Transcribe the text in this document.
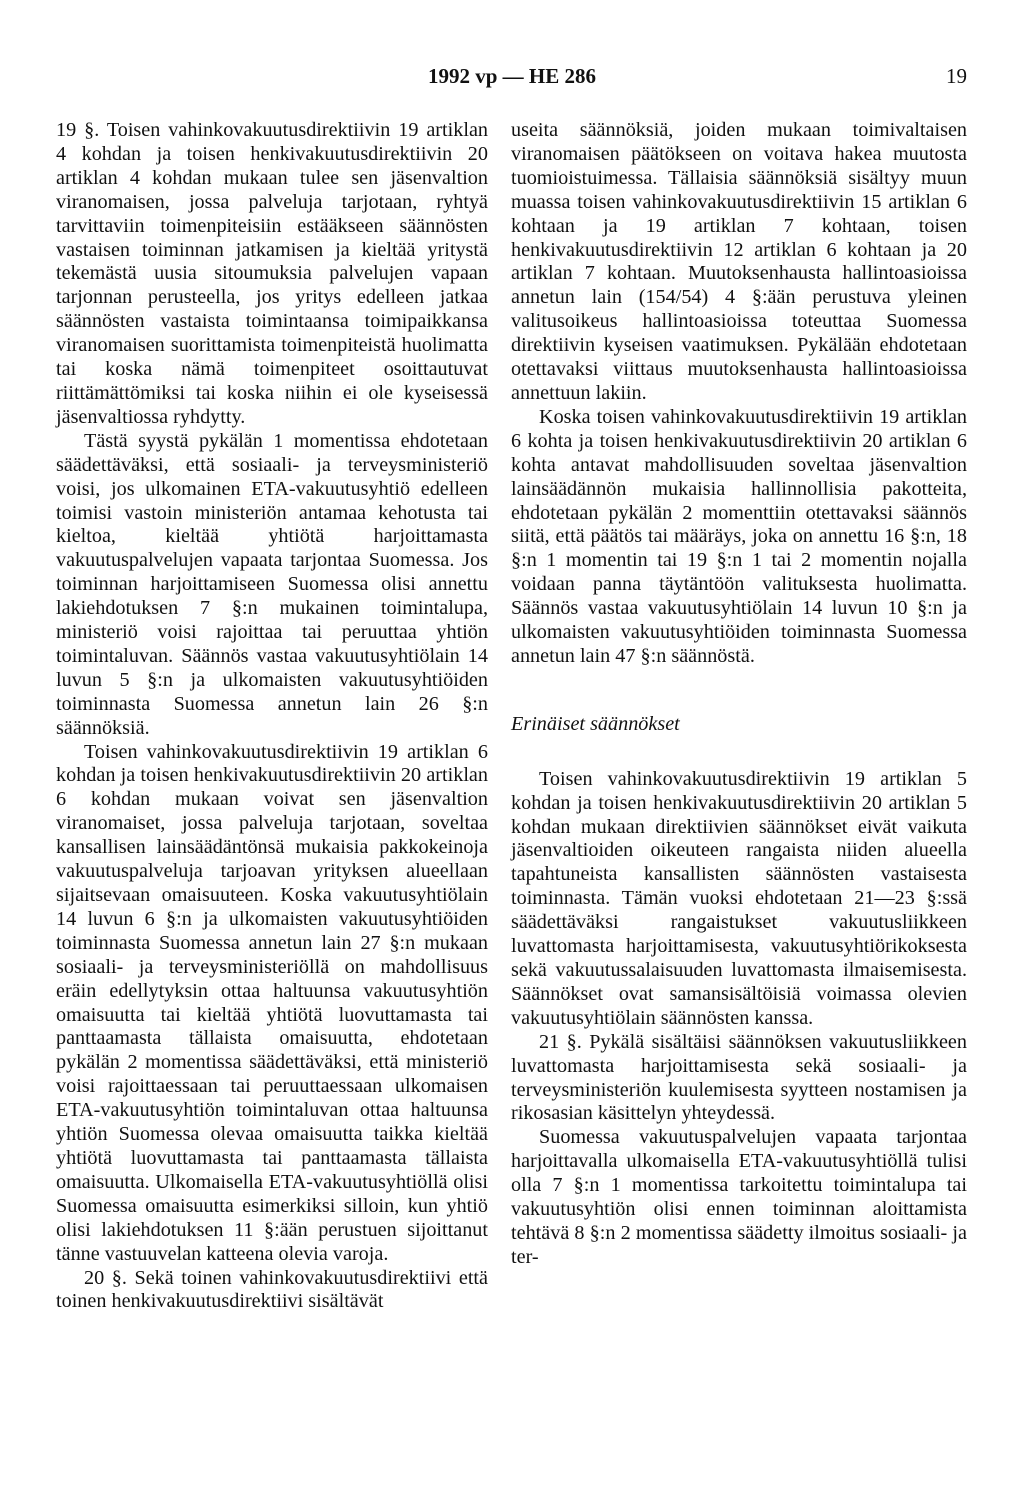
1992 vp — HE 286	19

19 §. Toisen vahinkovakuutusdirektiivin 19 artiklan 4 kohdan ja toisen henkivakuutusdirektiivin 20 artiklan 4 kohdan mukaan tulee sen jäsenvaltion viranomaisen, jossa palveluja tarjotaan, ryhtyä tarvittaviin toimenpiteisiin estääkseen säännösten vastaisen toiminnan jatkamisen ja kieltää yritystä tekemästä uusia sitoumuksia palvelujen vapaan tarjonnan perusteella, jos yritys edelleen jatkaa säännösten vastaista toimintaansa toimipaikkansa viranomaisen suorittamista toimenpiteistä huolimatta tai koska nämä toimenpiteet osoittautuvat riittämättömiksi tai koska niihin ei ole kyseisessä jäsenvaltiossa ryhdytty.

Tästä syystä pykälän 1 momentissa ehdotetaan säädettäväksi, että sosiaali- ja terveysministeriö voisi, jos ulkomainen ETA-vakuutusyhtiö edelleen toimisi vastoin ministeriön antamaa kehotusta tai kieltoa, kieltää yhtiötä harjoittamasta vakuutuspalvelujen vapaata tarjontaa Suomessa. Jos toiminnan harjoittamiseen Suomessa olisi annettu lakiehdotuksen 7 §:n mukainen toimintalupa, ministeriö voisi rajoittaa tai peruuttaa yhtiön toimintaluvan. Säännös vastaa vakuutusyhtiölain 14 luvun 5 §:n ja ulkomaisten vakuutusyhtiöiden toiminnasta Suomessa annetun lain 26 §:n säännöksiä.

Toisen vahinkovakuutusdirektiivin 19 artiklan 6 kohdan ja toisen henkivakuutusdirektiivin 20 artiklan 6 kohdan mukaan voivat sen jäsenvaltion viranomaiset, jossa palveluja tarjotaan, soveltaa kansallisen lainsäädäntönsä mukaisia pakkokeinoja vakuutuspalveluja tarjoavan yrityksen alueellaan sijaitsevaan omaisuuteen. Koska vakuutusyhtiölain 14 luvun 6 §:n ja ulkomaisten vakuutusyhtiöiden toiminnasta Suomessa annetun lain 27 §:n mukaan sosiaali- ja terveysministeriöllä on mahdollisuus eräin edellytyksin ottaa haltuunsa vakuutusyhtiön omaisuutta tai kieltää yhtiötä luovuttamasta tai panttaamasta tällaista omaisuutta, ehdotetaan pykälän 2 momentissa säädettäväksi, että ministeriö voisi rajoittaessaan tai peruuttaessaan ulkomaisen ETA-vakuutusyhtiön toimintaluvan ottaa haltuunsa yhtiön Suomessa olevaa omaisuutta taikka kieltää yhtiötä luovuttamasta tai panttaamasta tällaista omaisuutta. Ulkomaisella ETA-vakuutusyhtiöllä olisi Suomessa omaisuutta esimerkiksi silloin, kun yhtiö olisi lakiehdotuksen 11 §:ään perustuen sijoittanut tänne vastuuvelan katteena olevia varoja.

20 §. Sekä toinen vahinkovakuutusdirektiivi että toinen henkivakuutusdirektiivi sisältävät

useita säännöksiä, joiden mukaan toimivaltaisen viranomaisen päätökseen on voitava hakea muutosta tuomioistuimessa. Tällaisia säännöksiä sisältyy muun muassa toisen vahinkovakuutusdirektiivin 15 artiklan 6 kohtaan ja 19 artiklan 7 kohtaan, toisen henkivakuutusdirektiivin 12 artiklan 6 kohtaan ja 20 artiklan 7 kohtaan. Muutoksenhausta hallintoasioissa annetun lain (154/54) 4 §:ään perustuva yleinen valitusoikeus hallintoasioissa toteuttaa Suomessa direktiivin kyseisen vaatimuksen. Pykälään ehdotetaan otettavaksi viittaus muutoksenhausta hallintoasioissa annettuun lakiin.

Koska toisen vahinkovakuutusdirektiivin 19 artiklan 6 kohta ja toisen henkivakuutusdirektiivin 20 artiklan 6 kohta antavat mahdollisuuden soveltaa jäsenvaltion lainsäädännön mukaisia hallinnollisia pakotteita, ehdotetaan pykälän 2 momenttiin otettavaksi säännös siitä, että päätös tai määräys, joka on annettu 16 §:n, 18 §:n 1 momentin tai 19 §:n 1 tai 2 momentin nojalla voidaan panna täytäntöön valituksesta huolimatta. Säännös vastaa vakuutusyhtiölain 14 luvun 10 §:n ja ulkomaisten vakuutusyhtiöiden toiminnasta Suomessa annetun lain 47 §:n säännöstä.

Erinäiset säännökset

Toisen vahinkovakuutusdirektiivin 19 artiklan 5 kohdan ja toisen henkivakuutusdirektiivin 20 artiklan 5 kohdan mukaan direktiivien säännökset eivät vaikuta jäsenvaltioiden oikeuteen rangaista niiden alueella tapahtuneista kansallisten säännösten vastaisesta toiminnasta. Tämän vuoksi ehdotetaan 21—23 §:ssä säädettäväksi rangaistukset vakuutusliikkeen luvattomasta harjoittamisesta, vakuutusyhtiörikoksesta sekä vakuutussalaisuuden luvattomasta ilmaisemisesta. Säännökset ovat samansisältöisiä voimassa olevien vakuutusyhtiölain säännösten kanssa.

21 §. Pykälä sisältäisi säännöksen vakuutusliikkeen luvattomasta harjoittamisesta sekä sosiaali- ja terveysministeriön kuulemisesta syytteen nostamisen ja rikosasian käsittelyn yhteydessä.

Suomessa vakuutuspalvelujen vapaata tarjontaa harjoittavalla ulkomaisella ETA-vakuutusyhtiöllä tulisi olla 7 §:n 1 momentissa tarkoitettu toimintalupa tai vakuutusyhtiön olisi ennen toiminnan aloittamista tehtävä 8 §:n 2 momentissa säädetty ilmoitus sosiaali- ja ter-
